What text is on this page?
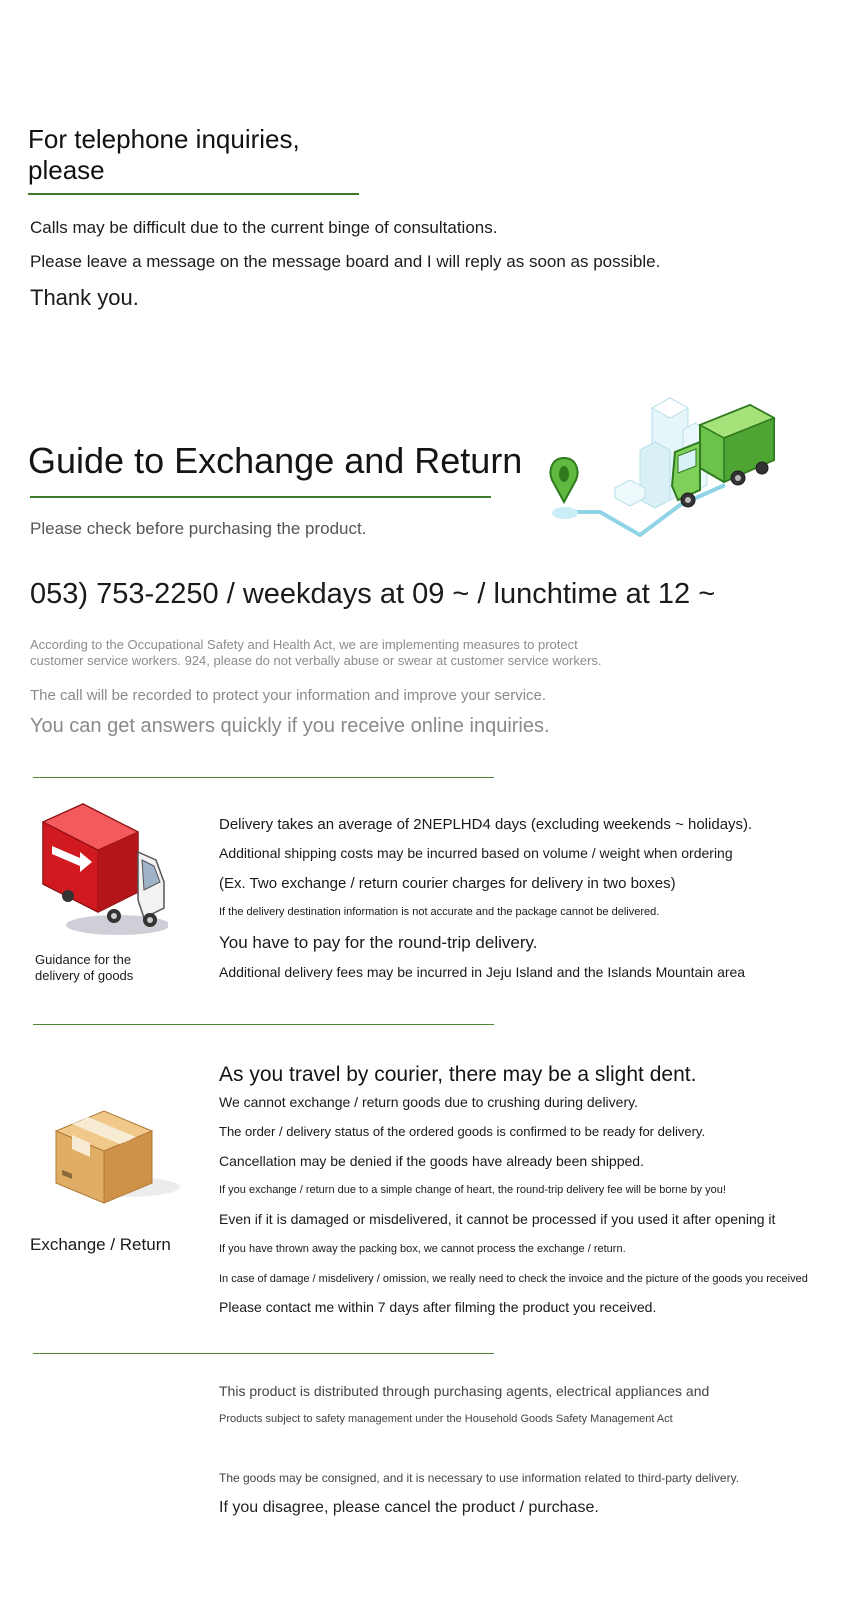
For telephone inquiries, please
Calls may be difficult due to the current binge of consultations.
Please leave a message on the message board and I will reply as soon as possible.
Thank you.
Guide to Exchange and Return
Please check before purchasing the product.
053) 753-2250 / weekdays at 09 ~ / lunchtime at 12 ~
According to the Occupational Safety and Health Act, we are implementing measures to protect
customer service workers. 924, please do not verbally abuse or swear at customer service workers.
The call will be recorded to protect your information and improve your service.
You can get answers quickly if you receive online inquiries.
Guidance for the delivery of goods
Delivery takes an average of 2NEPLHD4 days (excluding weekends ~ holidays).
Additional shipping costs may be incurred based on volume / weight when ordering
(Ex. Two exchange / return courier charges for delivery in two boxes)
If the delivery destination information is not accurate and the package cannot be delivered.
You have to pay for the round-trip delivery.
Additional delivery fees may be incurred in Jeju Island and the Islands Mountain area
Exchange / Return
As you travel by courier, there may be a slight dent.
We cannot exchange / return goods due to crushing during delivery.
The order / delivery status of the ordered goods is confirmed to be ready for delivery.
Cancellation may be denied if the goods have already been shipped.
If you exchange / return due to a simple change of heart, the round-trip delivery fee will be borne by you!
Even if it is damaged or misdelivered, it cannot be processed if you used it after opening it
If you have thrown away the packing box, we cannot process the exchange / return.
In case of damage / misdelivery / omission, we really need to check the invoice and the picture of the goods you received
Please contact me within 7 days after filming the product you received.
This product is distributed through purchasing agents, electrical appliances and
Products subject to safety management under the Household Goods Safety Management Act
The goods may be consigned, and it is necessary to use information related to third-party delivery.
If you disagree, please cancel the product / purchase.
